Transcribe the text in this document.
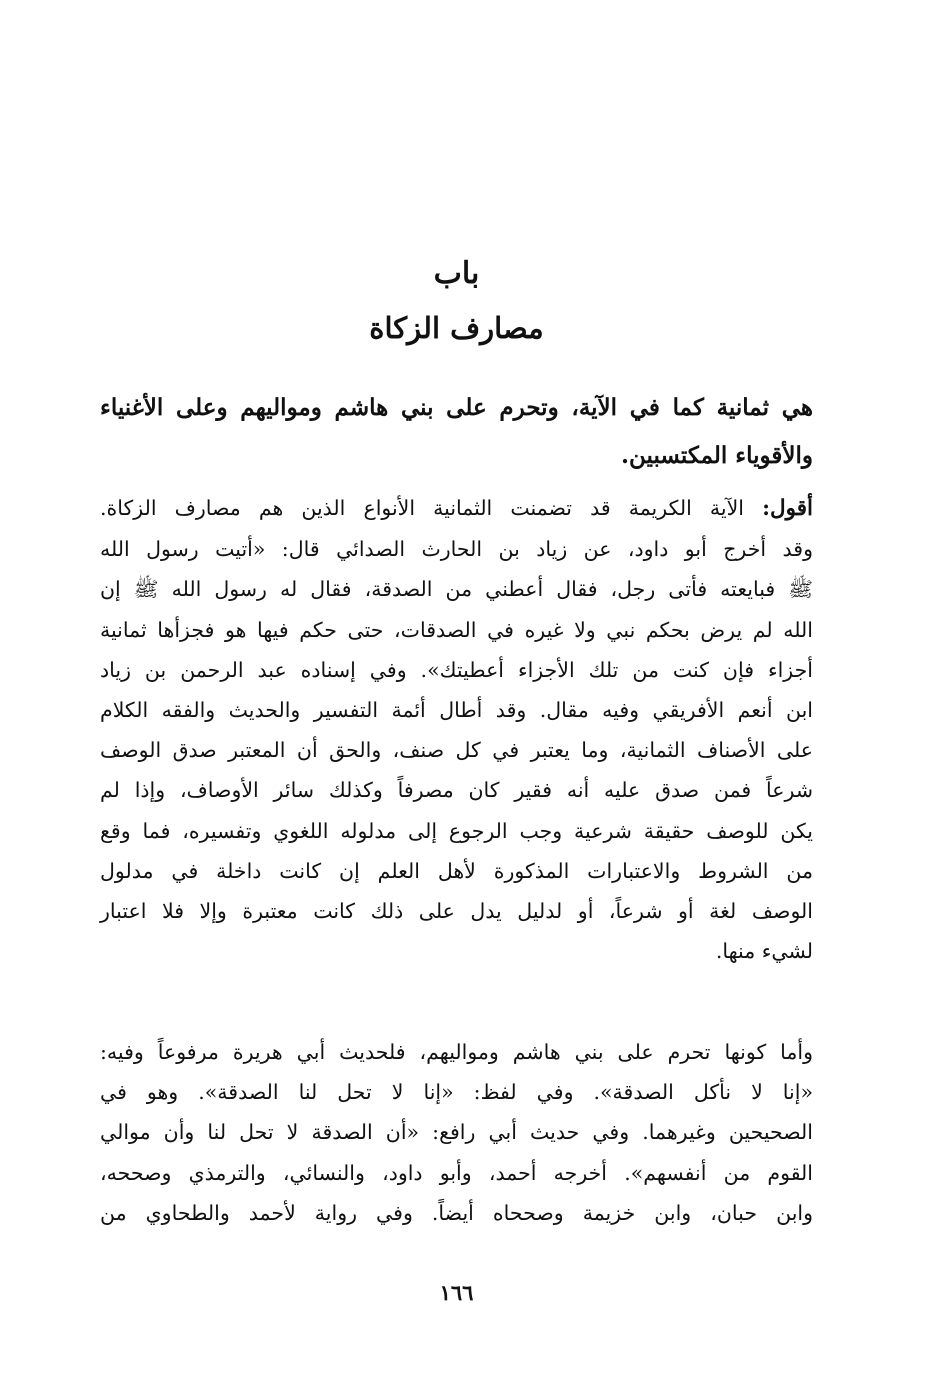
باب
مصارف الزكاة
هي ثمانية كما في الآية، وتحرم على بني هاشم ومواليهم وعلى الأغنياء
والأقوياء المكتسبين.
أقول: الآية الكريمة قد تضمنت الثمانية الأنواع الذين هم مصارف الزكاة.
وقد أخرج أبو داود، عن زياد بن الحارث الصدائي قال: «أتيت رسول الله
ﷺ فبايعته فأتى رجل، فقال أعطني من الصدقة، فقال له رسول الله ﷺ إن
الله لم يرض بحكم نبي ولا غيره في الصدقات، حتى حكم فيها هو فجزأها ثمانية
أجزاء فإن كنت من تلك الأجزاء أعطيتك». وفي إسناده عبد الرحمن بن زياد
ابن أنعم الأفريقي وفيه مقال. وقد أطال أئمة التفسير والحديث والفقه الكلام
على الأصناف الثمانية، وما يعتبر في كل صنف، والحق أن المعتبر صدق الوصف
شرعاً فمن صدق عليه أنه فقير كان مصرفاً وكذلك سائر الأوصاف، وإذا لم
يكن للوصف حقيقة شرعية وجب الرجوع إلى مدلوله اللغوي وتفسيره، فما وقع
من الشروط والاعتبارات المذكورة لأهل العلم إن كانت داخلة في مدلول
الوصف لغة أو شرعاً، أو لدليل يدل على ذلك كانت معتبرة وإلا فلا اعتبار
لشيء منها.
وأما كونها تحرم على بني هاشم ومواليهم، فلحديث أبي هريرة مرفوعاً وفيه:
«إنا لا نأكل الصدقة». وفي لفظ: «إنا لا تحل لنا الصدقة». وهو في
الصحيحين وغيرهما. وفي حديث أبي رافع: «أن الصدقة لا تحل لنا وأن موالي
القوم من أنفسهم». أخرجه أحمد، وأبو داود، والنسائي، والترمذي وصححه،
وابن حبان، وابن خزيمة وصححاه أيضاً. وفي رواية لأحمد والطحاوي من
١٦٦
